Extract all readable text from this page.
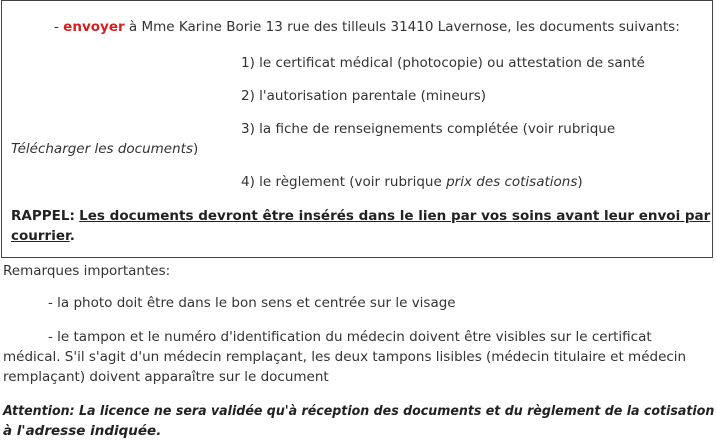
- envoyer à Mme Karine Borie 13 rue des tilleuls 31410 Lavernose, les documents suivants:
1) le certificat médical (photocopie) ou attestation de santé
2) l'autorisation parentale (mineurs)
3) la fiche de renseignements complétée (voir rubrique
Télécharger les documents)
4) le règlement (voir rubrique prix des cotisations)
RAPPEL: Les documents devront être insérés dans le lien par vos soins avant leur envoi par
courrier.
Remarques importantes:
- la photo doit être dans le bon sens et centrée sur le visage
- le tampon et le numéro d'identification du médecin doivent être visibles sur le certificat
médical. S'il s'agit d'un médecin remplaçant, les deux tampons lisibles (médecin titulaire et médecin
remplaçant) doivent apparaître sur le document
Attention: La licence ne sera validée qu'à réception des documents et du règlement de la cotisation
à l'adresse indiquée.
